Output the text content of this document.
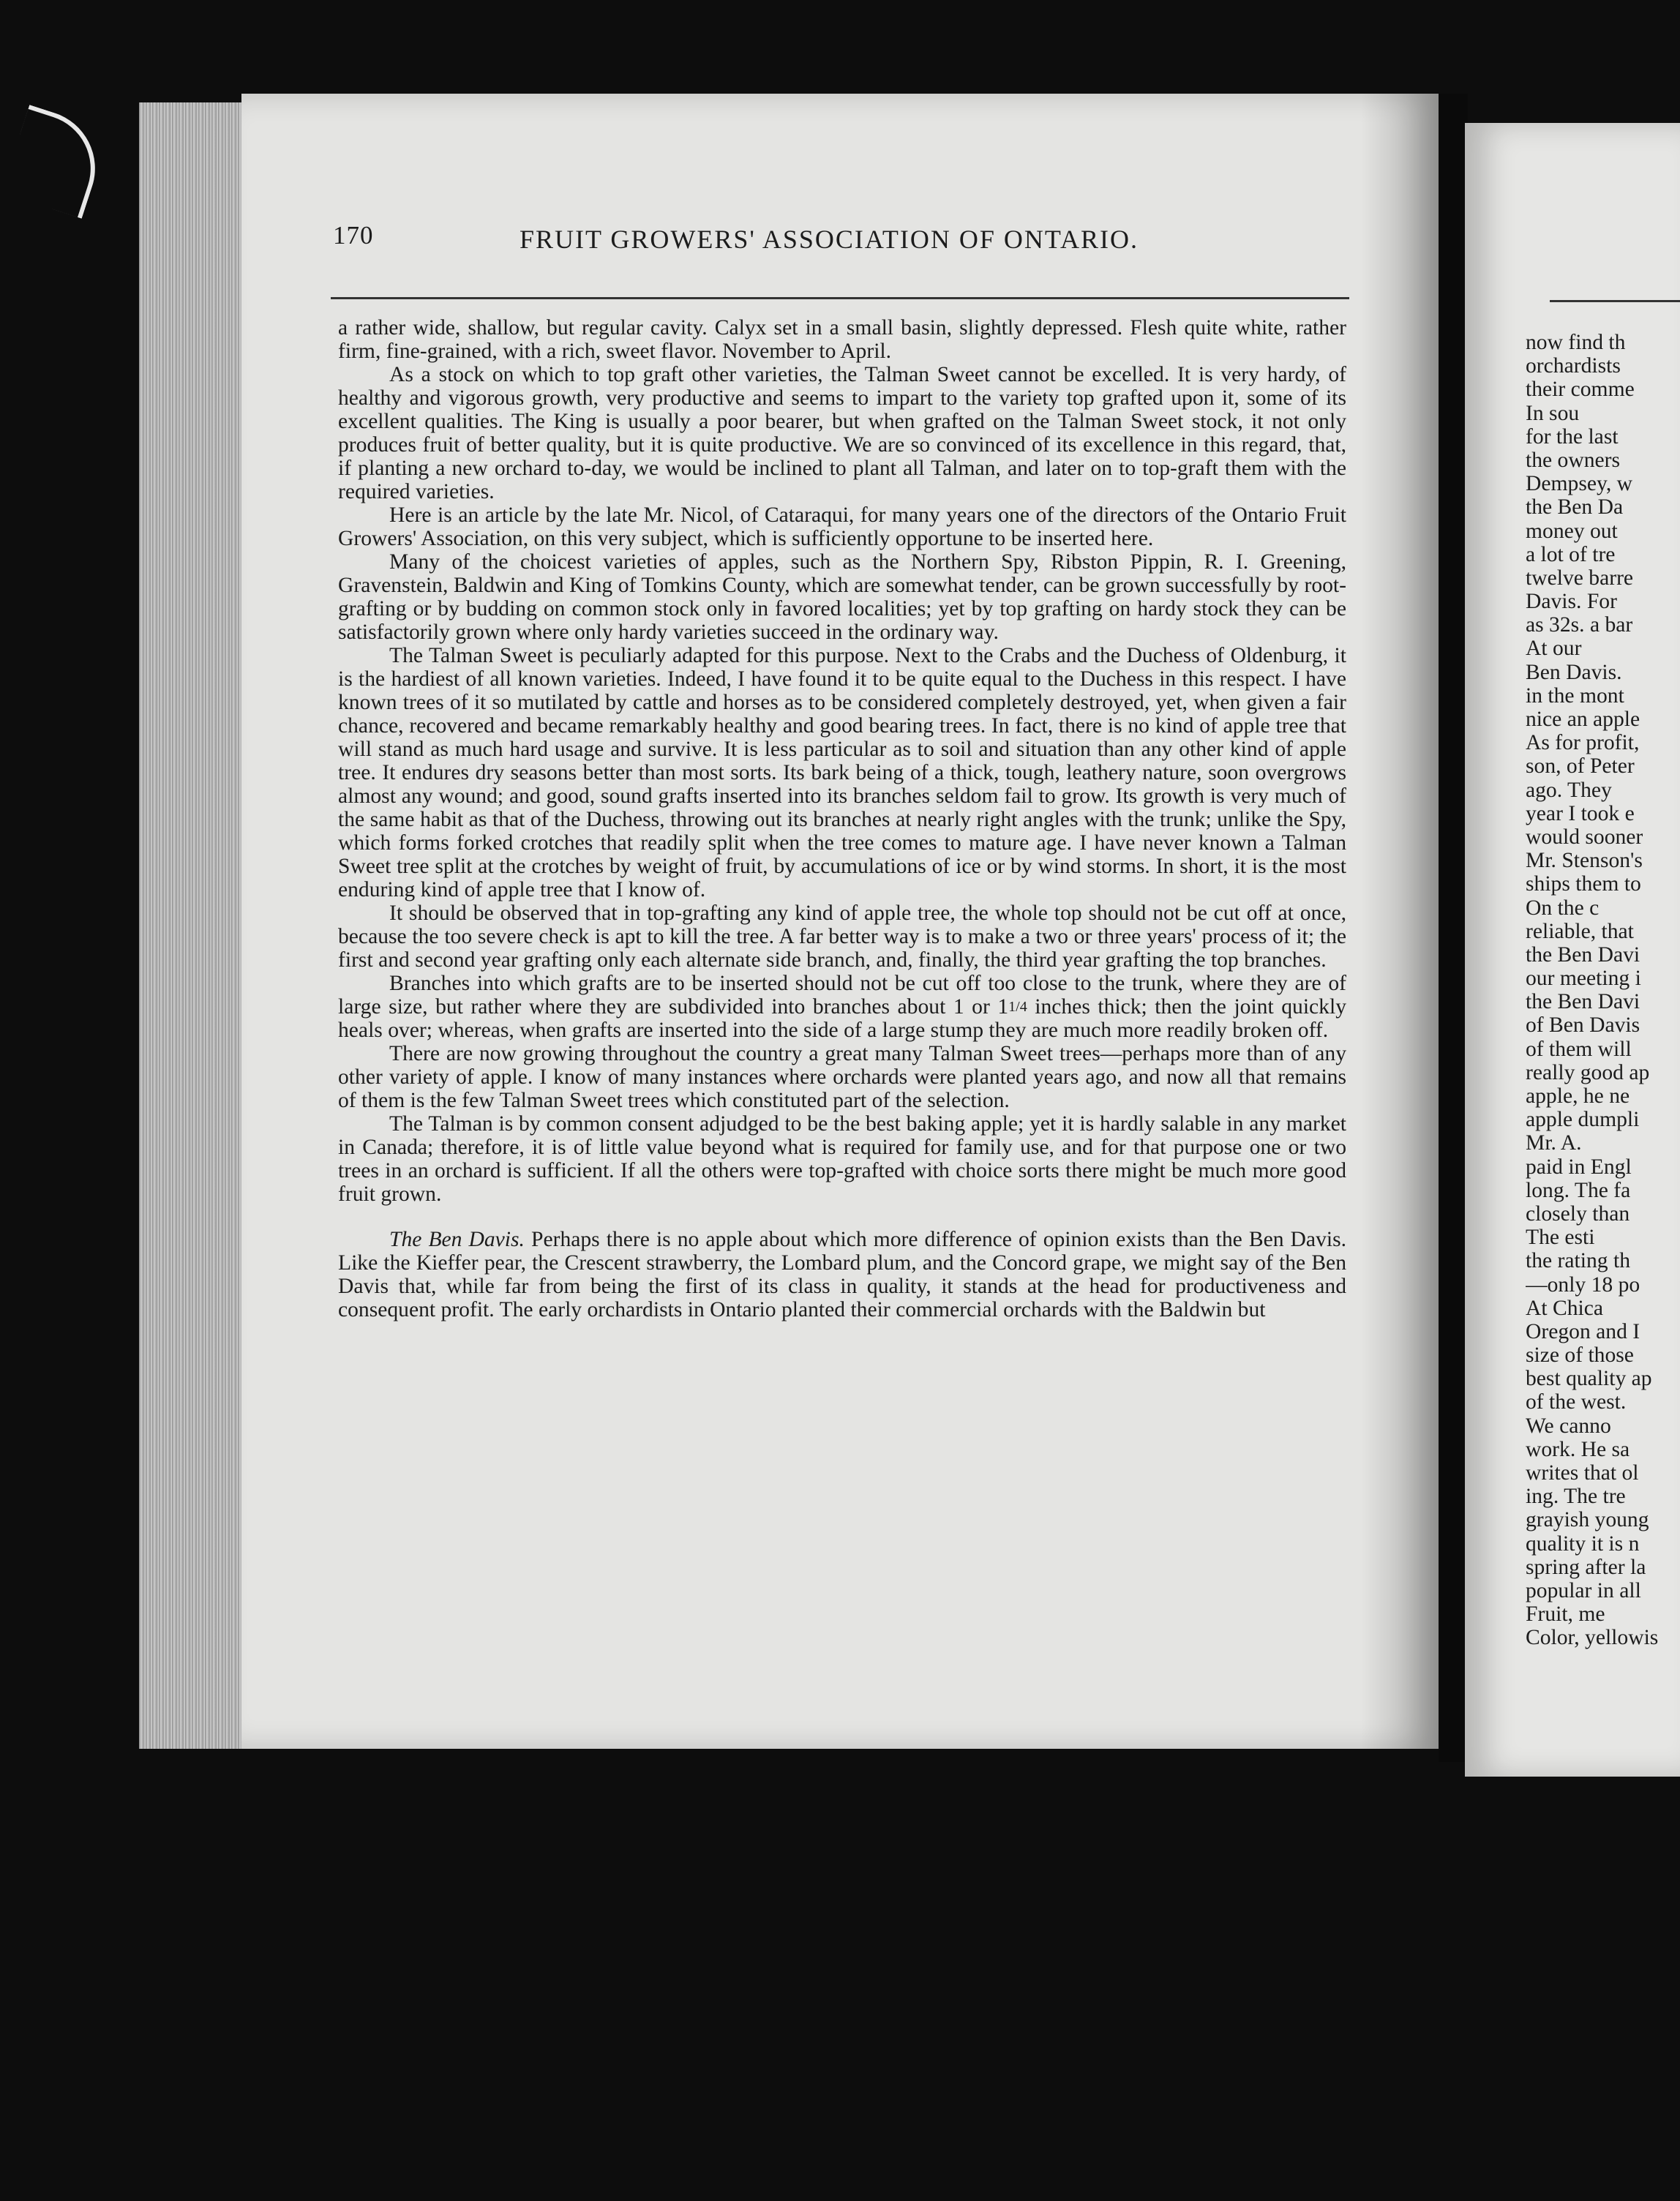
170	FRUIT GROWERS' ASSOCIATION OF ONTARIO.

a rather wide, shallow, but regular cavity. Calyx set in a small basin, slightly depressed. Flesh quite white, rather firm, fine-grained, with a rich, sweet flavor. November to April.

As a stock on which to top graft other varieties, the Talman Sweet cannot be excelled. It is very hardy, of healthy and vigorous growth, very productive and seems to impart to the variety top grafted upon it, some of its excellent qualities. The King is usually a poor bearer, but when grafted on the Talman Sweet stock, it not only produces fruit of better quality, but it is quite productive. We are so convinced of its excellence in this regard, that, if planting a new orchard to-day, we would be inclined to plant all Talman, and later on to top-graft them with the required varieties.

Here is an article by the late Mr. Nicol, of Cataraqui, for many years one of the directors of the Ontario Fruit Growers' Association, on this very subject, which is sufficiently opportune to be inserted here.

Many of the choicest varieties of apples, such as the Northern Spy, Ribston Pippin, R. I. Greening, Gravenstein, Baldwin and King of Tomkins County, which are somewhat tender, can be grown successfully by root-grafting or by budding on common stock only in favored localities; yet by top grafting on hardy stock they can be satisfactorily grown where only hardy varieties succeed in the ordinary way.

The Talman Sweet is peculiarly adapted for this purpose. Next to the Crabs and the Duchess of Oldenburg, it is the hardiest of all known varieties. Indeed, I have found it to be quite equal to the Duchess in this respect. I have known trees of it so mutilated by cattle and horses as to be considered completely destroyed, yet, when given a fair chance, recovered and became remarkably healthy and good bearing trees. In fact, there is no kind of apple tree that will stand as much hard usage and survive. It is less particular as to soil and situation than any other kind of apple tree. It endures dry seasons better than most sorts. Its bark being of a thick, tough, leathery nature, soon overgrows almost any wound; and good, sound grafts inserted into its branches seldom fail to grow. Its growth is very much of the same habit as that of the Duchess, throwing out its branches at nearly right angles with the trunk; unlike the Spy, which forms forked crotches that readily split when the tree comes to mature age. I have never known a Talman Sweet tree split at the crotches by weight of fruit, by accumulations of ice or by wind storms. In short, it is the most enduring kind of apple tree that I know of.

It should be observed that in top-grafting any kind of apple tree, the whole top should not be cut off at once, because the too severe check is apt to kill the tree. A far better way is to make a two or three years' process of it; the first and second year grafting only each alternate side branch, and, finally, the third year grafting the top branches.

Branches into which grafts are to be inserted should not be cut off too close to the trunk, where they are of large size, but rather where they are subdivided into branches about 1 or $1^{1/4}$ inches thick; then the joint quickly heals over; whereas, when grafts are inserted into the side of a large stump they are much more readily broken off.

There are now growing throughout the country a great many Talman Sweet trees—perhaps more than of any other variety of apple. I know of many instances where orchards were planted years ago, and now all that remains of them is the few Talman Sweet trees which constituted part of the selection.

The Talman is by common consent adjudged to be the best baking apple; yet it is hardly salable in any market in Canada; therefore, it is of little value beyond what is required for family use, and for that purpose one or two trees in an orchard is sufficient. If all the others were top-grafted with choice sorts there might be much more good fruit grown.

The Ben Davis. Perhaps there is no apple about which more difference of opinion exists than the Ben Davis. Like the Kieffer pear, the Crescent strawberry, the Lombard plum, and the Concord grape, we might say of the Ben Davis that, while far from being the first of its class in quality, it stands at the head for productiveness and consequent profit. The early orchardists in Ontario planted their commercial orchards with the Baldwin but

now find th
orchardists
their comme
In sou
for the last
the owners
Dempsey, w
the Ben Da
money out
a lot of tre
twelve barre
Davis. For
as 32s. a bar
At our
Ben Davis.
in the mont
nice an apple
As for profit,
son, of Peter
ago. They
year I took e
would sooner
Mr. Stenson's
ships them to
On the c
reliable, that
the Ben Davi
our meeting i
the Ben Davi
of Ben Davis
of them will
really good ap
apple, he ne
apple dumpli
Mr. A.
paid in Engl
long. The fa
closely than
The esti
the rating th
—only 18 po
At Chica
Oregon and I
size of those
best quality ap
of the west.
We canno
work. He sa
writes that ol
ing. The tre
grayish young
quality it is n
spring after la
popular in all
Fruit, me
Color, yellowis
